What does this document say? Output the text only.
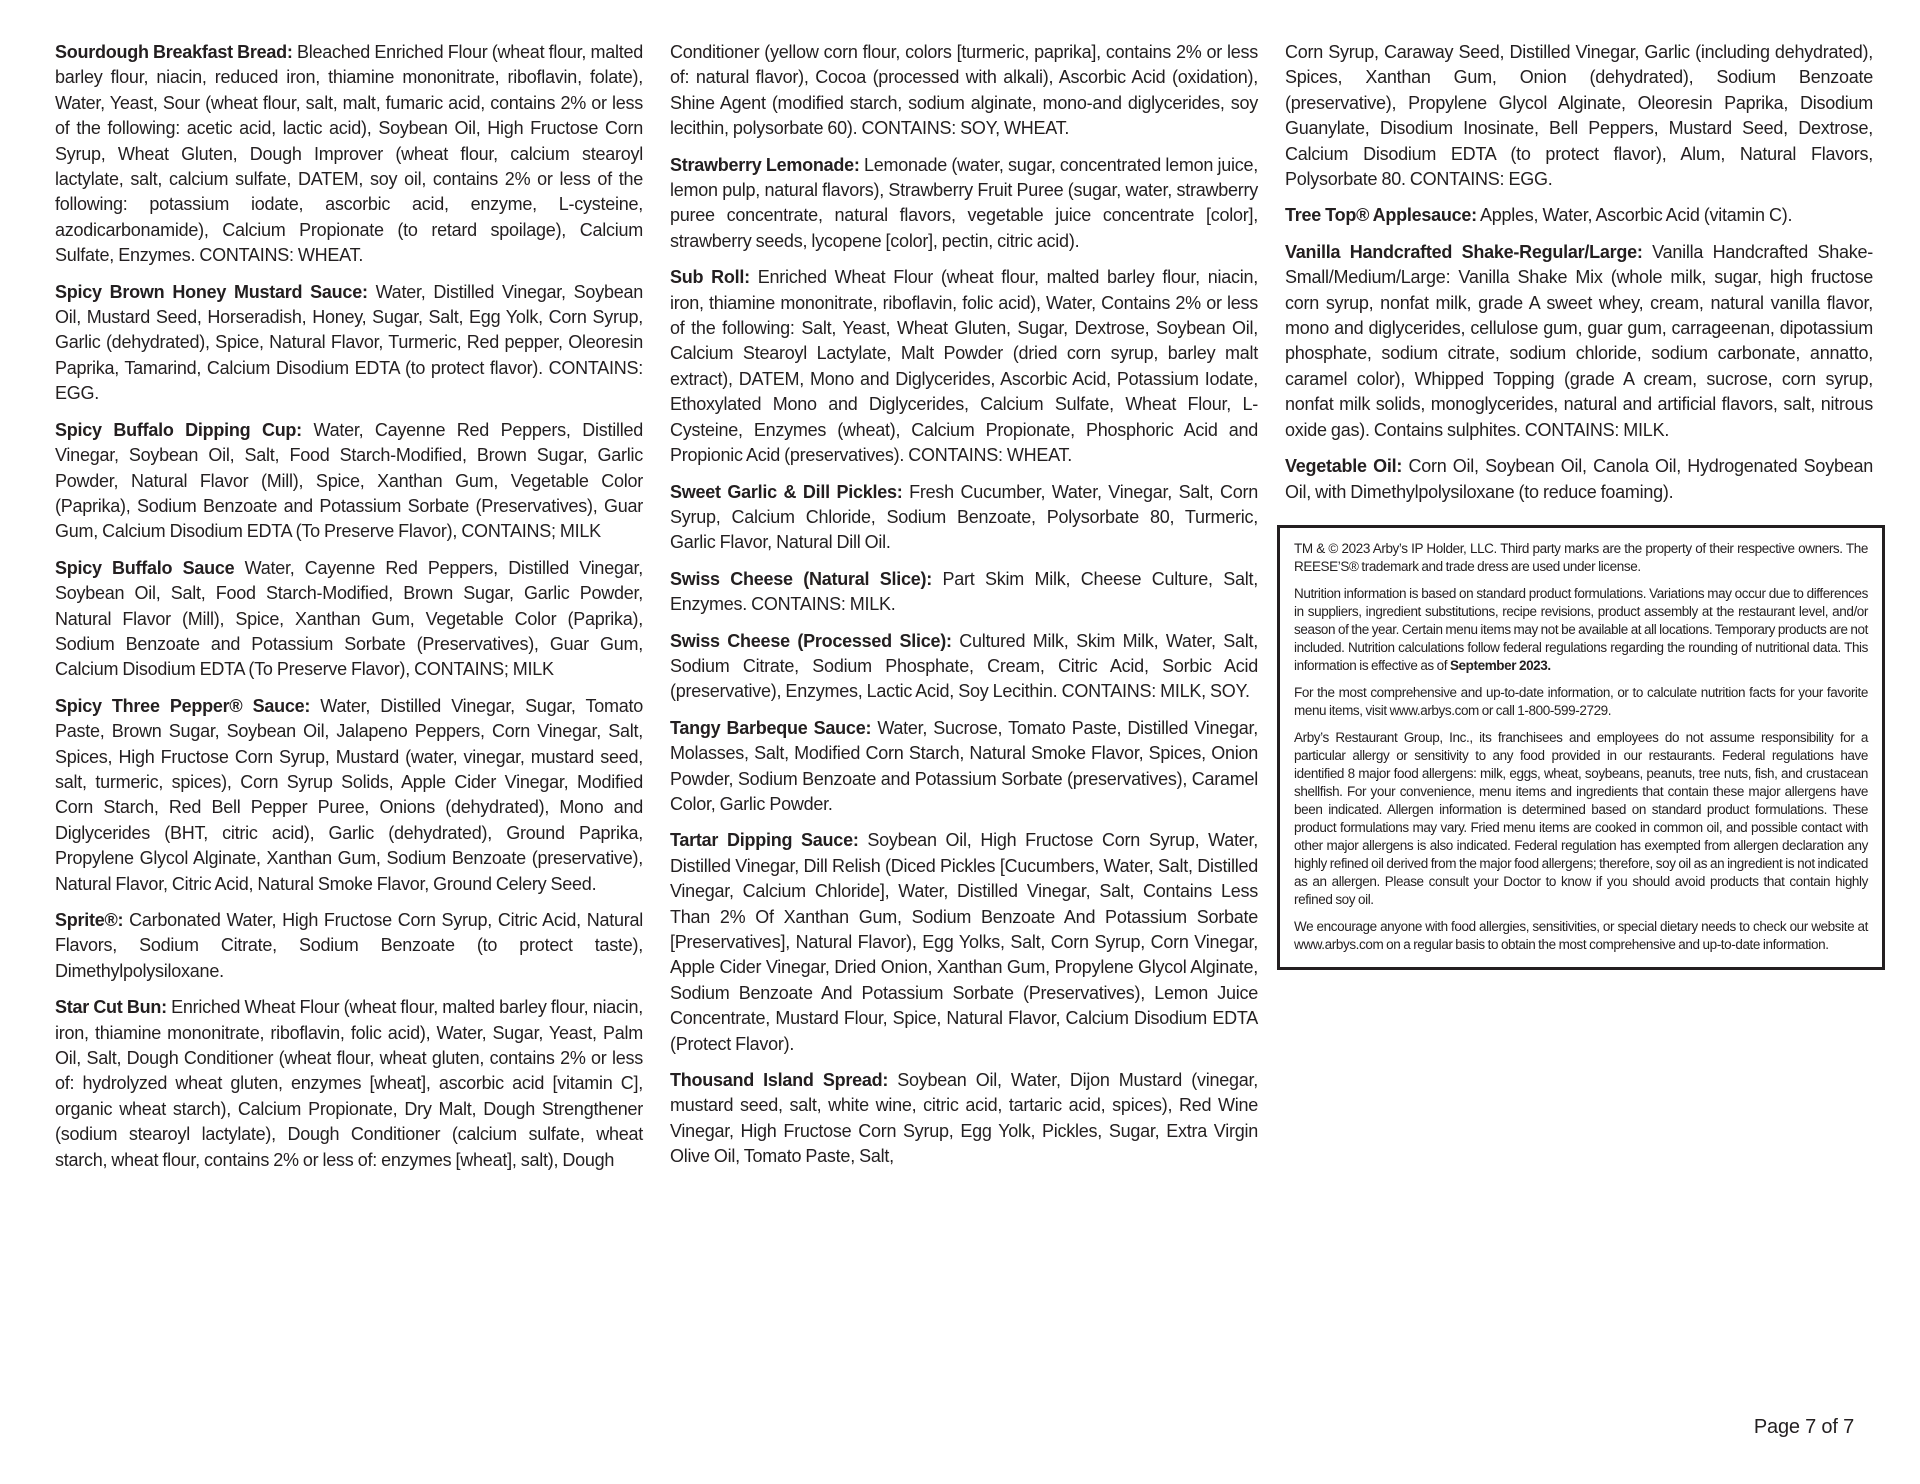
Sourdough Breakfast Bread: Bleached Enriched Flour (wheat flour, malted barley flour, niacin, reduced iron, thiamine mononitrate, riboflavin, folate), Water, Yeast, Sour (wheat flour, salt, malt, fumaric acid, contains 2% or less of the following: acetic acid, lactic acid), Soybean Oil, High Fructose Corn Syrup, Wheat Gluten, Dough Improver (wheat flour, calcium stearoyl lactylate, salt, calcium sulfate, DATEM, soy oil, contains 2% or less of the following: potassium iodate, ascorbic acid, enzyme, L-cysteine, azodicarbonamide), Calcium Propionate (to retard spoilage), Calcium Sulfate, Enzymes. CONTAINS: WHEAT.

Spicy Brown Honey Mustard Sauce: Water, Distilled Vinegar, Soybean Oil, Mustard Seed, Horseradish, Honey, Sugar, Salt, Egg Yolk, Corn Syrup, Garlic (dehydrated), Spice, Natural Flavor, Turmeric, Red pepper, Oleoresin Paprika, Tamarind, Calcium Disodium EDTA (to protect flavor). CONTAINS: EGG.

Spicy Buffalo Dipping Cup: Water, Cayenne Red Peppers, Distilled Vinegar, Soybean Oil, Salt, Food Starch-Modified, Brown Sugar, Garlic Powder, Natural Flavor (Mill), Spice, Xanthan Gum, Vegetable Color (Paprika), Sodium Benzoate and Potassium Sorbate (Preservatives), Guar Gum, Calcium Disodium EDTA (To Preserve Flavor), CONTAINS; MILK

Spicy Buffalo Sauce Water, Cayenne Red Peppers, Distilled Vinegar, Soybean Oil, Salt, Food Starch-Modified, Brown Sugar, Garlic Powder, Natural Flavor (Mill), Spice, Xanthan Gum, Vegetable Color (Paprika), Sodium Benzoate and Potassium Sorbate (Preservatives), Guar Gum, Calcium Disodium EDTA (To Preserve Flavor), CONTAINS; MILK

Spicy Three Pepper® Sauce: Water, Distilled Vinegar, Sugar, Tomato Paste, Brown Sugar, Soybean Oil, Jalapeno Peppers, Corn Vinegar, Salt, Spices, High Fructose Corn Syrup, Mustard (water, vinegar, mustard seed, salt, turmeric, spices), Corn Syrup Solids, Apple Cider Vinegar, Modified Corn Starch, Red Bell Pepper Puree, Onions (dehydrated), Mono and Diglycerides (BHT, citric acid), Garlic (dehydrated), Ground Paprika, Propylene Glycol Alginate, Xanthan Gum, Sodium Benzoate (preservative), Natural Flavor, Citric Acid, Natural Smoke Flavor, Ground Celery Seed.

Sprite®: Carbonated Water, High Fructose Corn Syrup, Citric Acid, Natural Flavors, Sodium Citrate, Sodium Benzoate (to protect taste), Dimethylpolysiloxane.

Star Cut Bun: Enriched Wheat Flour (wheat flour, malted barley flour, niacin, iron, thiamine mononitrate, riboflavin, folic acid), Water, Sugar, Yeast, Palm Oil, Salt, Dough Conditioner (wheat flour, wheat gluten, contains 2% or less of: hydrolyzed wheat gluten, enzymes [wheat], ascorbic acid [vitamin C], organic wheat starch), Calcium Propionate, Dry Malt, Dough Strengthener (sodium stearoyl lactylate), Dough Conditioner (calcium sulfate, wheat starch, wheat flour, contains 2% or less of: enzymes [wheat], salt), Dough

Conditioner (yellow corn flour, colors [turmeric, paprika], contains 2% or less of: natural flavor), Cocoa (processed with alkali), Ascorbic Acid (oxidation), Shine Agent (modified starch, sodium alginate, mono-and diglycerides, soy lecithin, polysorbate 60). CONTAINS: SOY, WHEAT.

Strawberry Lemonade: Lemonade (water, sugar, concentrated lemon juice, lemon pulp, natural flavors), Strawberry Fruit Puree (sugar, water, strawberry puree concentrate, natural flavors, vegetable juice concentrate [color], strawberry seeds, lycopene [color], pectin, citric acid).

Sub Roll: Enriched Wheat Flour (wheat flour, malted barley flour, niacin, iron, thiamine mononitrate, riboflavin, folic acid), Water, Contains 2% or less of the following: Salt, Yeast, Wheat Gluten, Sugar, Dextrose, Soybean Oil, Calcium Stearoyl Lactylate, Malt Powder (dried corn syrup, barley malt extract), DATEM, Mono and Diglycerides, Ascorbic Acid, Potassium Iodate, Ethoxylated Mono and Diglycerides, Calcium Sulfate, Wheat Flour, L-Cysteine, Enzymes (wheat), Calcium Propionate, Phosphoric Acid and Propionic Acid (preservatives). CONTAINS: WHEAT.

Sweet Garlic & Dill Pickles: Fresh Cucumber, Water, Vinegar, Salt, Corn Syrup, Calcium Chloride, Sodium Benzoate, Polysorbate 80, Turmeric, Garlic Flavor, Natural Dill Oil.

Swiss Cheese (Natural Slice): Part Skim Milk, Cheese Culture, Salt, Enzymes. CONTAINS: MILK.

Swiss Cheese (Processed Slice): Cultured Milk, Skim Milk, Water, Salt, Sodium Citrate, Sodium Phosphate, Cream, Citric Acid, Sorbic Acid (preservative), Enzymes, Lactic Acid, Soy Lecithin. CONTAINS: MILK, SOY.

Tangy Barbeque Sauce: Water, Sucrose, Tomato Paste, Distilled Vinegar, Molasses, Salt, Modified Corn Starch, Natural Smoke Flavor, Spices, Onion Powder, Sodium Benzoate and Potassium Sorbate (preservatives), Caramel Color, Garlic Powder.

Tartar Dipping Sauce: Soybean Oil, High Fructose Corn Syrup, Water, Distilled Vinegar, Dill Relish (Diced Pickles [Cucumbers, Water, Salt, Distilled Vinegar, Calcium Chloride], Water, Distilled Vinegar, Salt, Contains Less Than 2% Of Xanthan Gum, Sodium Benzoate And Potassium Sorbate [Preservatives], Natural Flavor), Egg Yolks, Salt, Corn Syrup, Corn Vinegar, Apple Cider Vinegar, Dried Onion, Xanthan Gum, Propylene Glycol Alginate, Sodium Benzoate And Potassium Sorbate (Preservatives), Lemon Juice Concentrate, Mustard Flour, Spice, Natural Flavor, Calcium Disodium EDTA (Protect Flavor).

Thousand Island Spread: Soybean Oil, Water, Dijon Mustard (vinegar, mustard seed, salt, white wine, citric acid, tartaric acid, spices), Red Wine Vinegar, High Fructose Corn Syrup, Egg Yolk, Pickles, Sugar, Extra Virgin Olive Oil, Tomato Paste, Salt,

Corn Syrup, Caraway Seed, Distilled Vinegar, Garlic (including dehydrated), Spices, Xanthan Gum, Onion (dehydrated), Sodium Benzoate (preservative), Propylene Glycol Alginate, Oleoresin Paprika, Disodium Guanylate, Disodium Inosinate, Bell Peppers, Mustard Seed, Dextrose, Calcium Disodium EDTA (to protect flavor), Alum, Natural Flavors, Polysorbate 80. CONTAINS: EGG.

Tree Top® Applesauce: Apples, Water, Ascorbic Acid (vitamin C).

Vanilla Handcrafted Shake-Regular/Large: Vanilla Handcrafted Shake-Small/Medium/Large: Vanilla Shake Mix (whole milk, sugar, high fructose corn syrup, nonfat milk, grade A sweet whey, cream, natural vanilla flavor, mono and diglycerides, cellulose gum, guar gum, carrageenan, dipotassium phosphate, sodium citrate, sodium chloride, sodium carbonate, annatto, caramel color), Whipped Topping (grade A cream, sucrose, corn syrup, nonfat milk solids, monoglycerides, natural and artificial flavors, salt, nitrous oxide gas). Contains sulphites. CONTAINS: MILK.

Vegetable Oil: Corn Oil, Soybean Oil, Canola Oil, Hydrogenated Soybean Oil, with Dimethylpolysiloxane (to reduce foaming).

TM & © 2023 Arby’s IP Holder, LLC. Third party marks are the property of their respective owners. The REESE’S® trademark and trade dress are used under license.

Nutrition information is based on standard product formulations. Variations may occur due to differences in suppliers, ingredient substitutions, recipe revisions, product assembly at the restaurant level, and/or season of the year. Certain menu items may not be available at all locations. Temporary products are not included. Nutrition calculations follow federal regulations regarding the rounding of nutritional data. This information is effective as of September 2023.

For the most comprehensive and up-to-date information, or to calculate nutrition facts for your favorite menu items, visit www.arbys.com or call 1-800-599-2729.

Arby’s Restaurant Group, Inc., its franchisees and employees do not assume responsibility for a particular allergy or sensitivity to any food provided in our restaurants. Federal regulations have identified 8 major food allergens: milk, eggs, wheat, soybeans, peanuts, tree nuts, fish, and crustacean shellfish. For your convenience, menu items and ingredients that contain these major allergens have been indicated. Allergen information is determined based on standard product formulations. These product formulations may vary. Fried menu items are cooked in common oil, and possible contact with other major allergens is also indicated. Federal regulation has exempted from allergen declaration any highly refined oil derived from the major food allergens; therefore, soy oil as an ingredient is not indicated as an allergen. Please consult your Doctor to know if you should avoid products that contain highly refined soy oil.

We encourage anyone with food allergies, sensitivities, or special dietary needs to check our website at www.arbys.com on a regular basis to obtain the most comprehensive and up-to-date information.

Page 7 of 7
